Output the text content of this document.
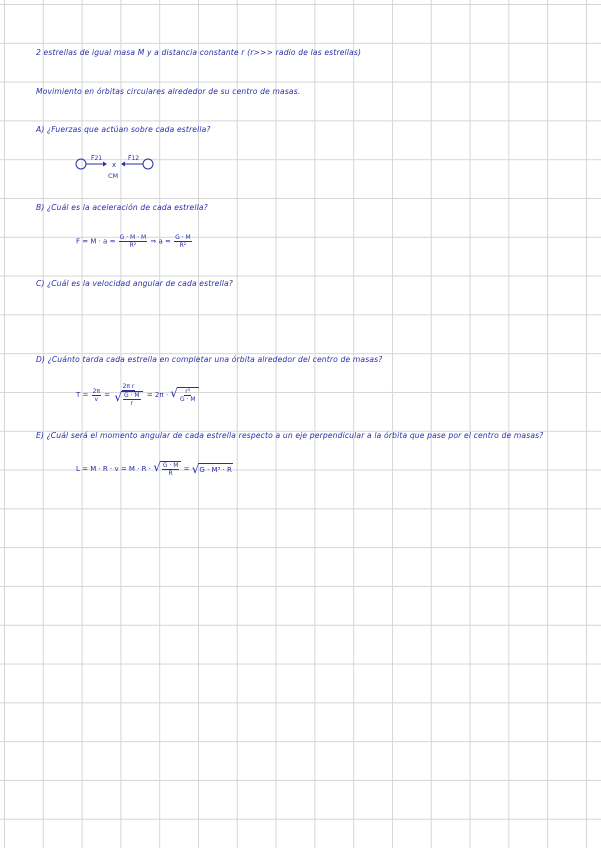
2 estrellas de igual masa M y a distancia constante r (r>>> radio de las estrellas)
Movimiento en órbitas circulares alrededor de su centro de masas.
A) ¿Fuerzas que actúan sobre cada estrella?
F⃗21	F⃗12
x
CM
B) ¿Cuál es la aceleración de cada estrella?
$F = M \cdot a = \frac{G \cdot M \cdot M}{\text{R²}}$ ⇒ $a = \frac{G \cdot M}{\text{R²}}$
C) ¿Cuál es la velocidad angular de cada estrella?
D) ¿Cuánto tarda cada estrella en completar una órbita alrededor del centro de masas?
$T = \frac{2\pi}{v} = \frac{\text{2π r}}{√ \frac{G \cdot M}{r}} = 2\pi$ · √ $\frac{\text{r³}}{G \cdot M}$
E) ¿Cuál será el momento angular de cada estrella respecto a un eje perpendicular a la órbita que pase por el centro de masas?
L = M · R · v = M · R · √ $\frac{G \cdot M}{R}$ = √ G · M³ · R
